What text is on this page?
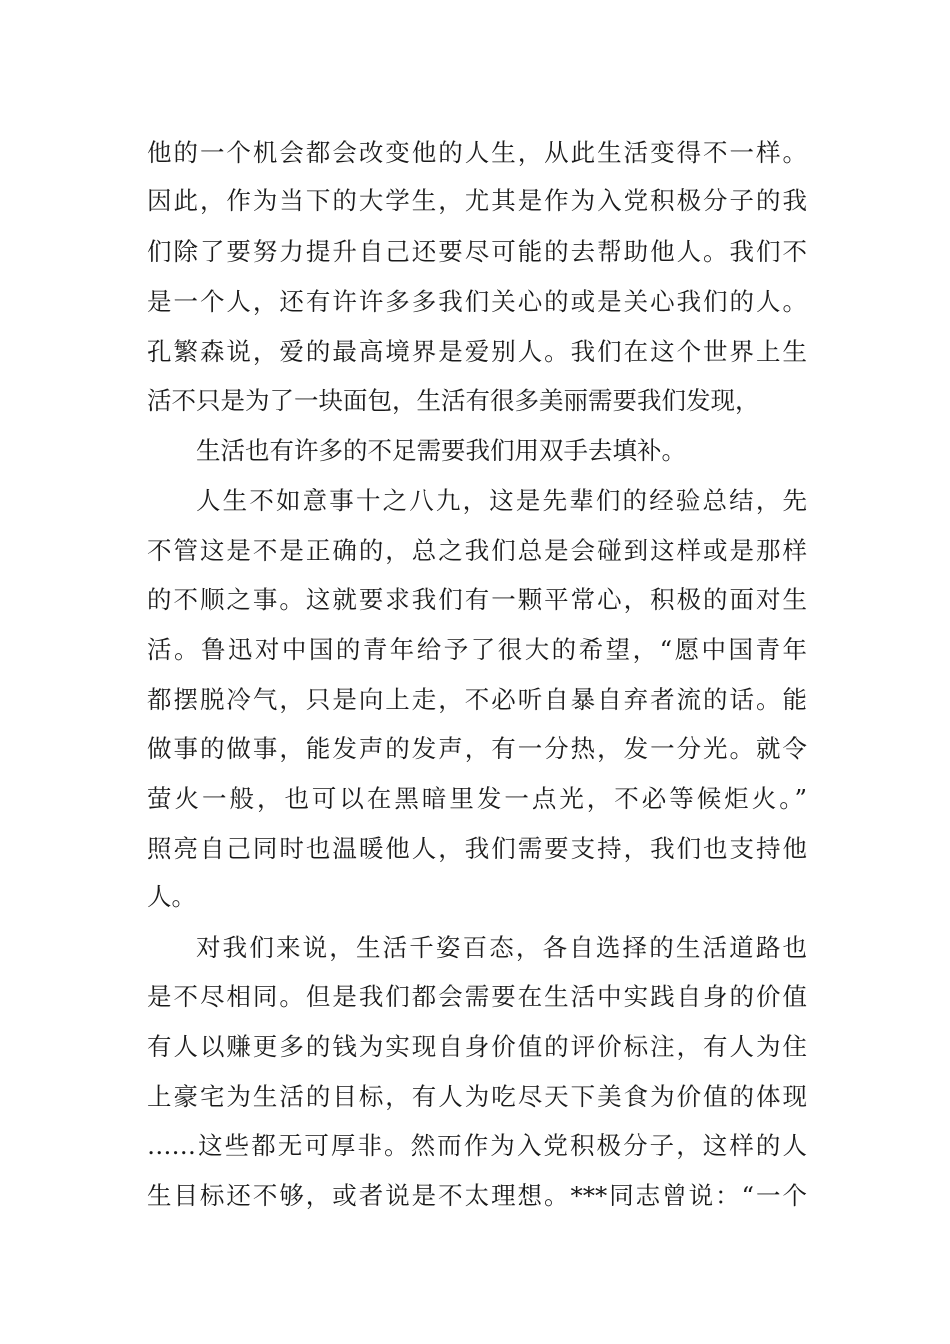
他的一个机会都会改变他的人生，从此生活变得不一样。
因此，作为当下的大学生，尤其是作为入党积极分子的我
们除了要努力提升自己还要尽可能的去帮助他人。我们不
是一个人，还有许许多多我们关心的或是关心我们的人。
孔繁森说，爱的最高境界是爱别人。我们在这个世界上生
活不只是为了一块面包，生活有很多美丽需要我们发现，
生活也有许多的不足需要我们用双手去填补。
人生不如意事十之八九，这是先辈们的经验总结，先
不管这是不是正确的，总之我们总是会碰到这样或是那样
的不顺之事。这就要求我们有一颗平常心，积极的面对生
活。鲁迅对中国的青年给予了很大的希望，“愿中国青年
都摆脱冷气，只是向上走，不必听自暴自弃者流的话。能
做事的做事，能发声的发声，有一分热，发一分光。就令
萤火一般，也可以在黑暗里发一点光，不必等候炬火。”
照亮自己同时也温暖他人，我们需要支持，我们也支持他
人。
对我们来说，生活千姿百态，各自选择的生活道路也
是不尽相同。但是我们都会需要在生活中实践自身的价值
有人以赚更多的钱为实现自身价值的评价标注，有人为住
上豪宅为生活的目标，有人为吃尽天下美食为价值的体现
……这些都无可厚非。然而作为入党积极分子，这样的人
生目标还不够，或者说是不太理想。***同志曾说：“一个
